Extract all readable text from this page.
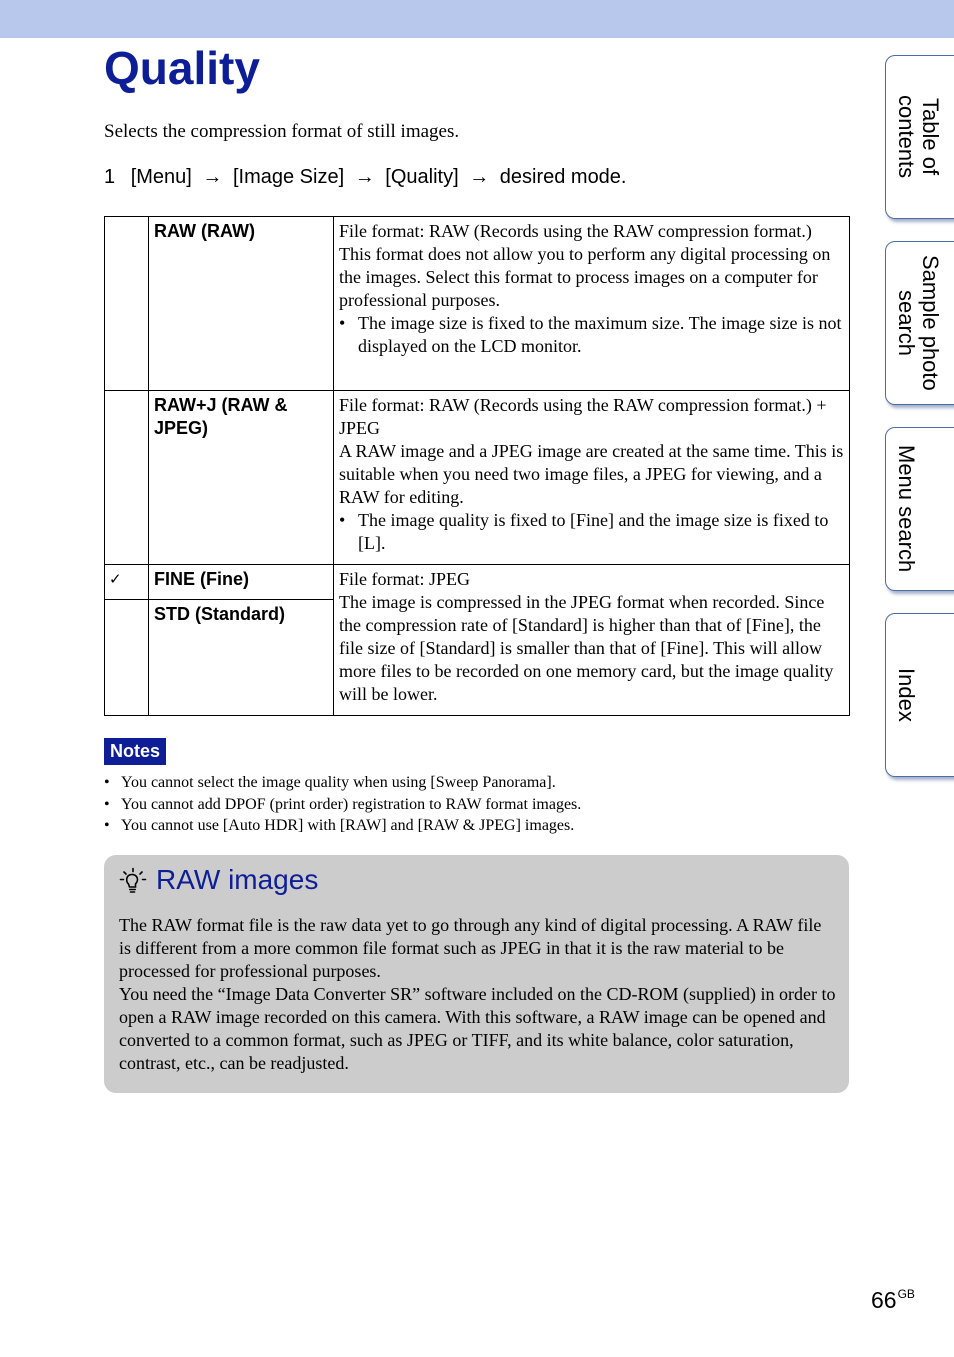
Quality
Selects the compression format of still images.
1 [Menu] → [Image Size] → [Quality] → desired mode.

	RAW (RAW)	File format: RAW (Records using the RAW compression format.)

This format does not allow you to perform any digital processing on the images. Select this format to process images on a computer for professional purposes.

• The image size is fixed to the maximum size. The image size is not displayed on the LCD monitor.

	RAW+J (RAW & JPEG)	File format: RAW (Records using the RAW compression format.) + JPEG

A RAW image and a JPEG image are created at the same time. This is suitable when you need two image files, a JPEG for viewing, and a RAW for editing.

• The image quality is fixed to [Fine] and the image size is fixed to [L].

✓	FINE (Fine)	File format: JPEG

The image is compressed in the JPEG format when recorded. Since the compression rate of [Standard] is higher than that of [Fine], the file size of [Standard] is smaller than that of [Fine]. This will allow more files to be recorded on one memory card, but the image quality will be lower.

	STD (Standard)	
Notes
• You cannot select the image quality when using [Sweep Panorama].
• You cannot add DPOF (print order) registration to RAW format images.
• You cannot use [Auto HDR] with [RAW] and [RAW & JPEG] images.
RAW images

The RAW format file is the raw data yet to go through any kind of digital processing. A RAW file is different from a more common file format such as JPEG in that it is the raw material to be processed for professional purposes.

You need the “Image Data Converter SR” software included on the CD-ROM (supplied) in order to open a RAW image recorded on this camera. With this software, a RAW image can be opened and converted to a common format, such as JPEG or TIFF, and its white balance, color saturation, contrast, etc., can be readjusted.

Table of
contents
Sample photo
search
Menu search
Index
$66^{GB}$
